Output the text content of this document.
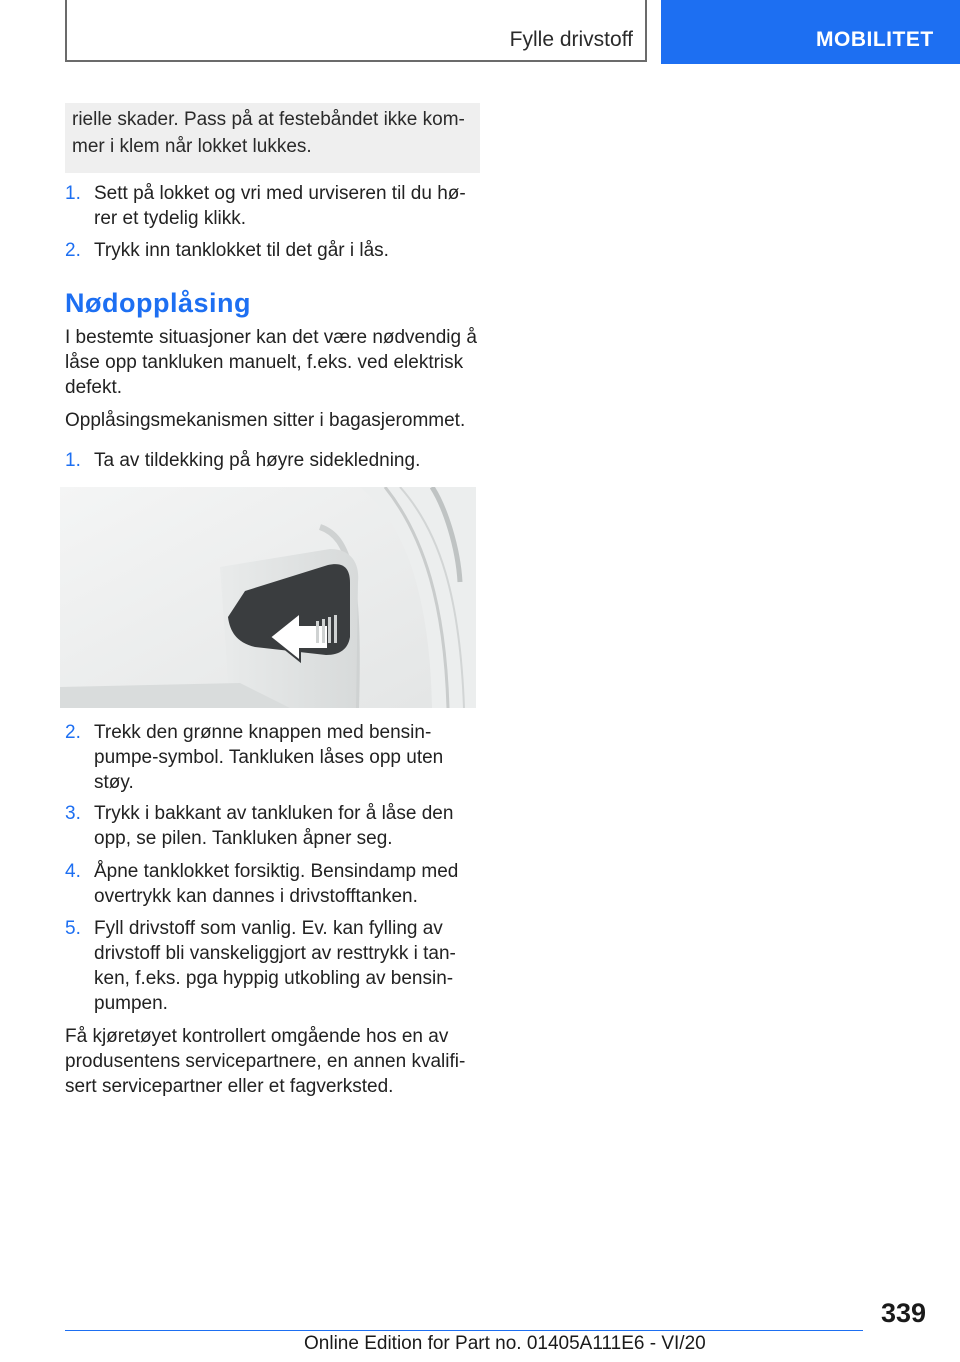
Fylle drivstoff	MOBILITET
rielle skader. Pass på at festebåndet ikke kom-
mer i klem når lokket lukkes.
1. Sett på lokket og vri med urviseren til du hører et tydelig klikk.
2. Trykk inn tanklokket til det går i lås.
Nødopplåsing
I bestemte situasjoner kan det være nødvendig å låse opp tankluken manuelt, f.eks. ved elektrisk defekt.
Opplåsingsmekanismen sitter i bagasjerommet.
1. Ta av tildekking på høyre sidekledning.
2. Trekk den grønne knappen med bensinpumpe-symbol. Tankluken låses opp uten støy.
3. Trykk i bakkant av tankluken for å låse den opp, se pilen. Tankluken åpner seg.
4. Åpne tanklokket forsiktig. Bensindamp med overtrykk kan dannes i drivstofftanken.
5. Fyll drivstoff som vanlig. Ev. kan fylling av drivstoff bli vanskeliggjort av resttrykk i tanken, f.eks. pga hyppig utkobling av bensinpumpen.
Få kjøretøyet kontrollert omgående hos en av produsentens servicepartnere, en annen kvalifisert servicepartner eller et fagverksted.
339
Online Edition for Part no. 01405A111E6 - VI/20
